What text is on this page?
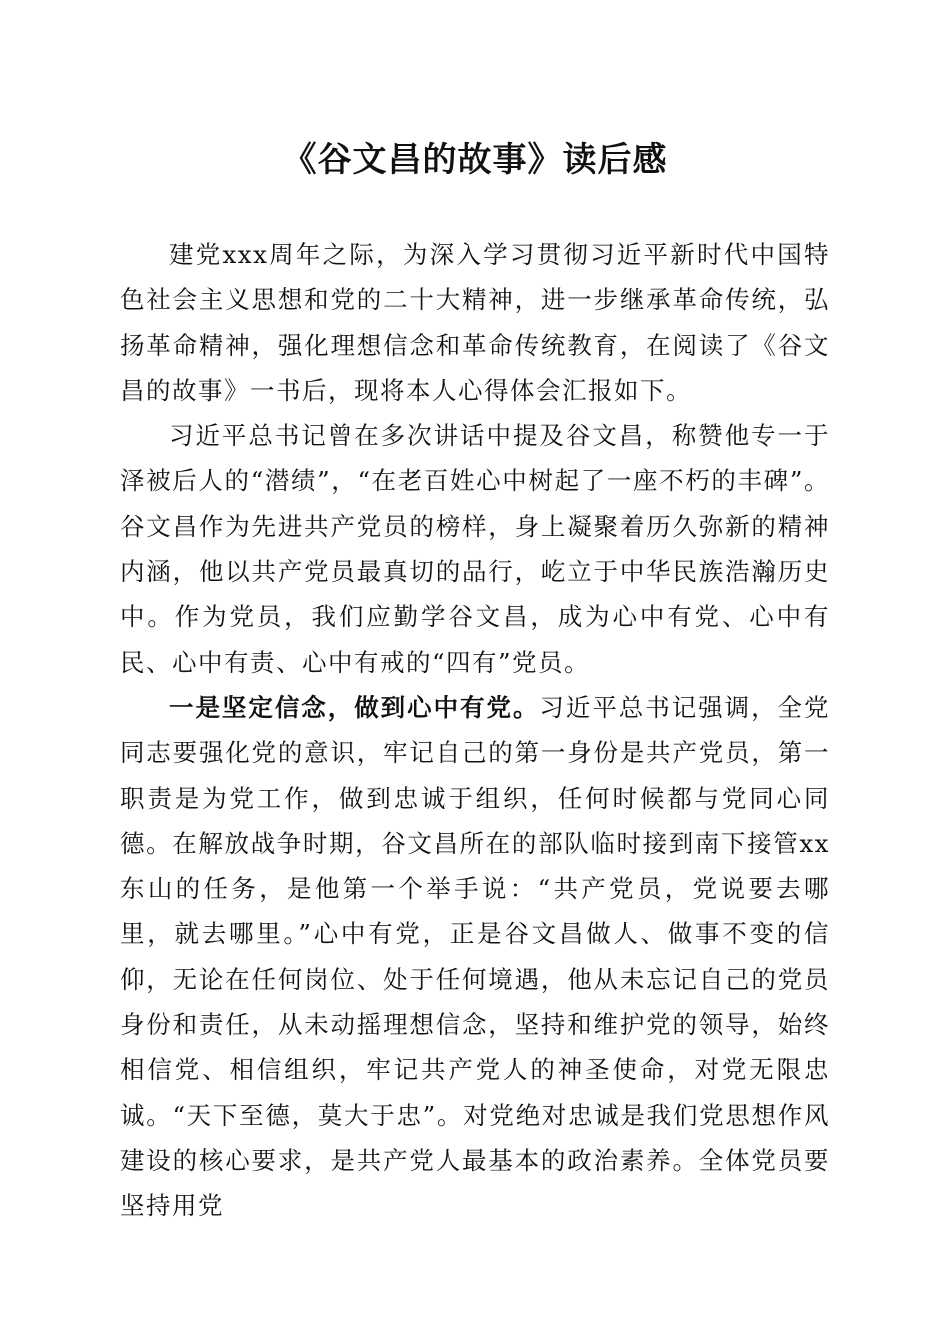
《谷文昌的故事》读后感

建党xxx周年之际，为深入学习贯彻习近平新时代中国特色社会主义思想和党的二十大精神，进一步继承革命传统，弘扬革命精神，强化理想信念和革命传统教育，在阅读了《谷文昌的故事》一书后，现将本人心得体会汇报如下。

习近平总书记曾在多次讲话中提及谷文昌，称赞他专一于泽被后人的“潜绩”，“在老百姓心中树起了一座不朽的丰碑”。谷文昌作为先进共产党员的榜样，身上凝聚着历久弥新的精神内涵，他以共产党员最真切的品行，屹立于中华民族浩瀚历史中。作为党员，我们应勤学谷文昌，成为心中有党、心中有民、心中有责、心中有戒的“四有”党员。

一是坚定信念，做到心中有党。习近平总书记强调，全党同志要强化党的意识，牢记自己的第一身份是共产党员，第一职责是为党工作，做到忠诚于组织，任何时候都与党同心同德。在解放战争时期，谷文昌所在的部队临时接到南下接管xx东山的任务，是他第一个举手说：“共产党员，党说要去哪里，就去哪里。”心中有党，正是谷文昌做人、做事不变的信仰，无论在任何岗位、处于任何境遇，他从未忘记自己的党员身份和责任，从未动摇理想信念，坚持和维护党的领导，始终相信党、相信组织，牢记共产党人的神圣使命，对党无限忠诚。“天下至德，莫大于忠”。对党绝对忠诚是我们党思想作风建设的核心要求，是共产党人最基本的政治素养。全体党员要坚持用党
